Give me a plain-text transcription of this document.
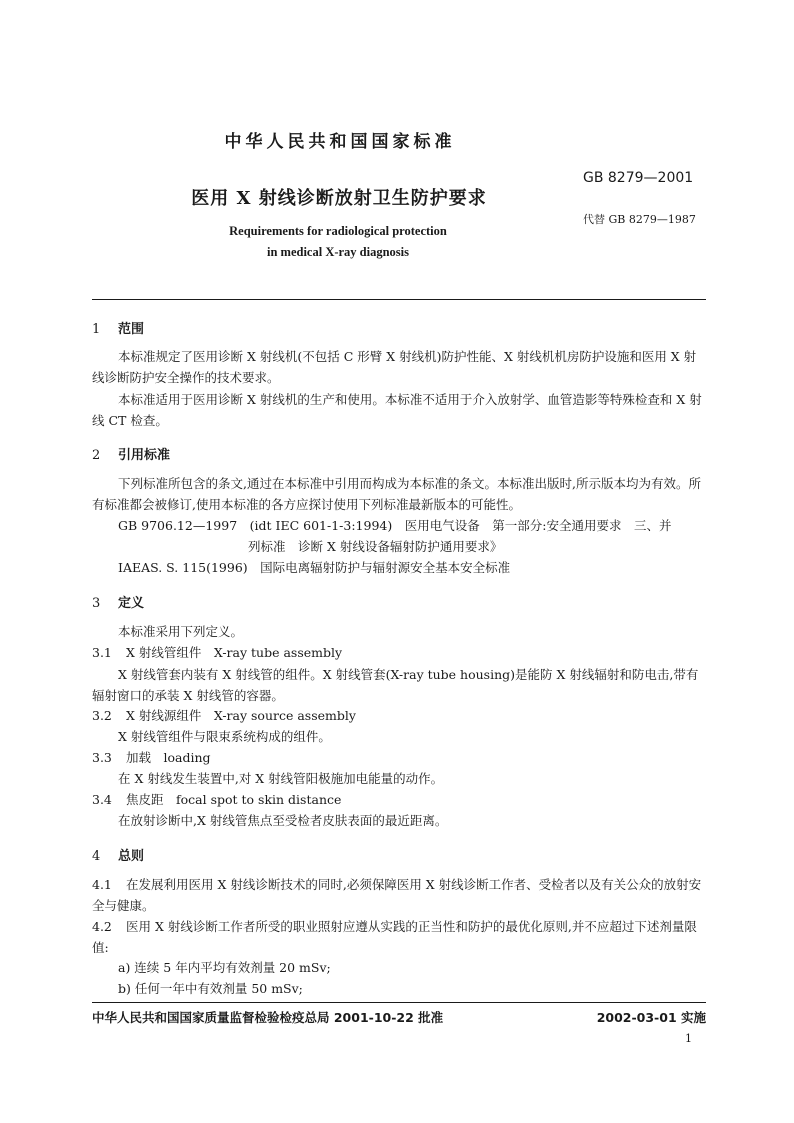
中华人民共和国国家标准
GB 8279—2001
医用 X 射线诊断放射卫生防护要求
代替 GB 8279—1987
Requirements for radiological protection
in medical X-ray diagnosis
1 范围
本标准规定了医用诊断 X 射线机(不包括 C 形臂 X 射线机)防护性能、X 射线机机房防护设施和医用 X 射线诊断防护安全操作的技术要求。
本标准适用于医用诊断 X 射线机的生产和使用。本标准不适用于介入放射学、血管造影等特殊检查和 X 射线 CT 检查。
2 引用标准
下列标准所包含的条文,通过在本标准中引用而构成为本标准的条文。本标准出版时,所示版本均为有效。所有标准都会被修订,使用本标准的各方应探讨使用下列标准最新版本的可能性。
GB 9706.12—1997　(idt IEC 601-1-3:1994)　医用电气设备　第一部分:安全通用要求　三、并
列标准　诊断 X 射线设备辐射防护通用要求》
IAEAS. S. 115(1996)　国际电离辐射防护与辐射源安全基本安全标准
3 定义
本标准采用下列定义。
3.1 X 射线管组件　X-ray tube assembly
X 射线管套内装有 X 射线管的组件。X 射线管套(X-ray tube housing)是能防 X 射线辐射和防电击,带有辐射窗口的承装 X 射线管的容器。
3.2 X 射线源组件　X-ray source assembly
X 射线管组件与限束系统构成的组件。
3.3 加载　loading
在 X 射线发生装置中,对 X 射线管阳极施加电能量的动作。
3.4 焦皮距　focal spot to skin distance
在放射诊断中,X 射线管焦点至受检者皮肤表面的最近距离。
4 总则
4.1 在发展利用医用 X 射线诊断技术的同时,必须保障医用 X 射线诊断工作者、受检者以及有关公众的放射安全与健康。
4.2 医用 X 射线诊断工作者所受的职业照射应遵从实践的正当性和防护的最优化原则,并不应超过下述剂量限值:
a) 连续 5 年内平均有效剂量 20 mSv;
b) 任何一年中有效剂量 50 mSv;
中华人民共和国国家质量监督检验检疫总局 2001-10-22 批准	2002-03-01 实施
1
